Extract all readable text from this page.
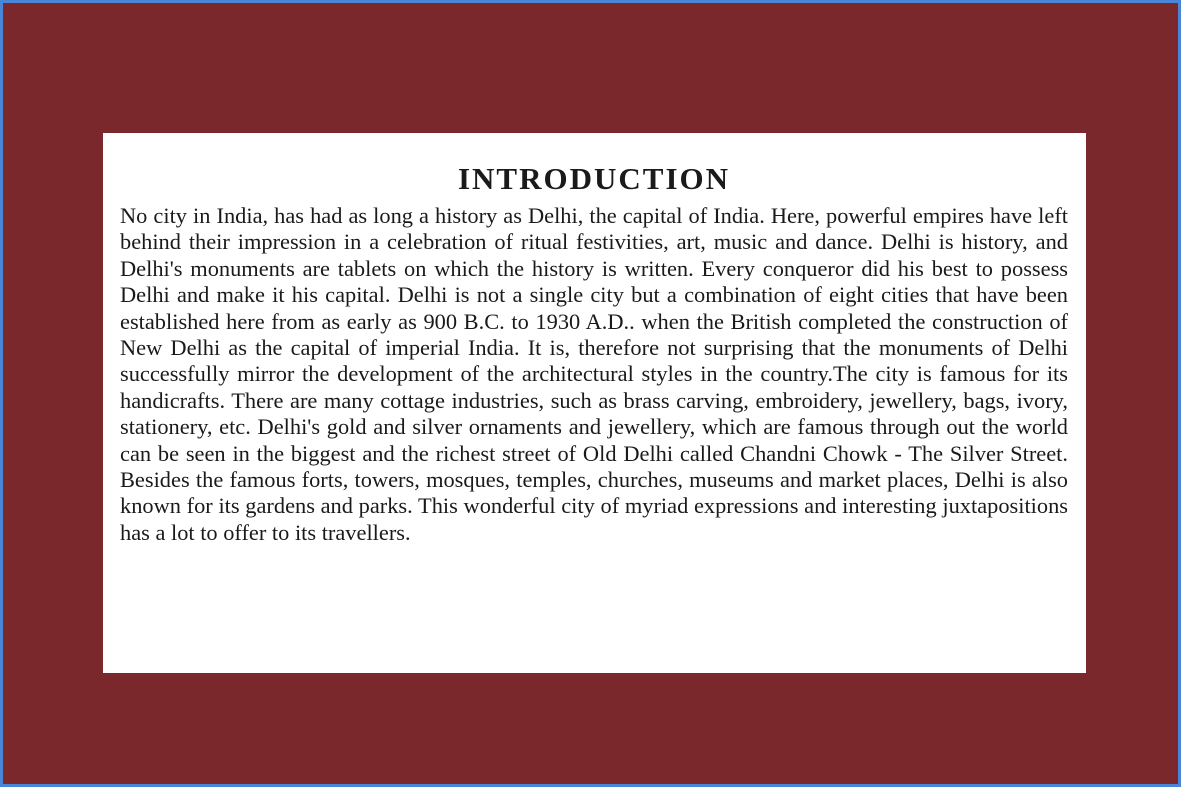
INTRODUCTION

No city in India, has had as long a history as Delhi, the capital of India. Here, powerful empires have left behind their impression in a celebration of ritual festivities, art, music and dance. Delhi is history, and Delhi's monuments are tablets on which the history is written. Every conqueror did his best to possess Delhi and make it his capital. Delhi is not a single city but a combination of eight cities that have been established here from as early as 900 B.C. to 1930 A.D.. when the British completed the construction of New Delhi as the capital of imperial India. It is, therefore not surprising that the monuments of Delhi successfully mirror the development of the architectural styles in the country.The city is famous for its handicrafts. There are many cottage industries, such as brass carving, embroidery, jewellery, bags, ivory, stationery, etc. Delhi's gold and silver ornaments and jewellery, which are famous through out the world can be seen in the biggest and the richest street of Old Delhi called Chandni Chowk - The Silver Street. Besides the famous forts, towers, mosques, temples, churches, museums and market places, Delhi is also known for its gardens and parks. This wonderful city of myriad expressions and interesting juxtapositions has a lot to offer to its travellers.
